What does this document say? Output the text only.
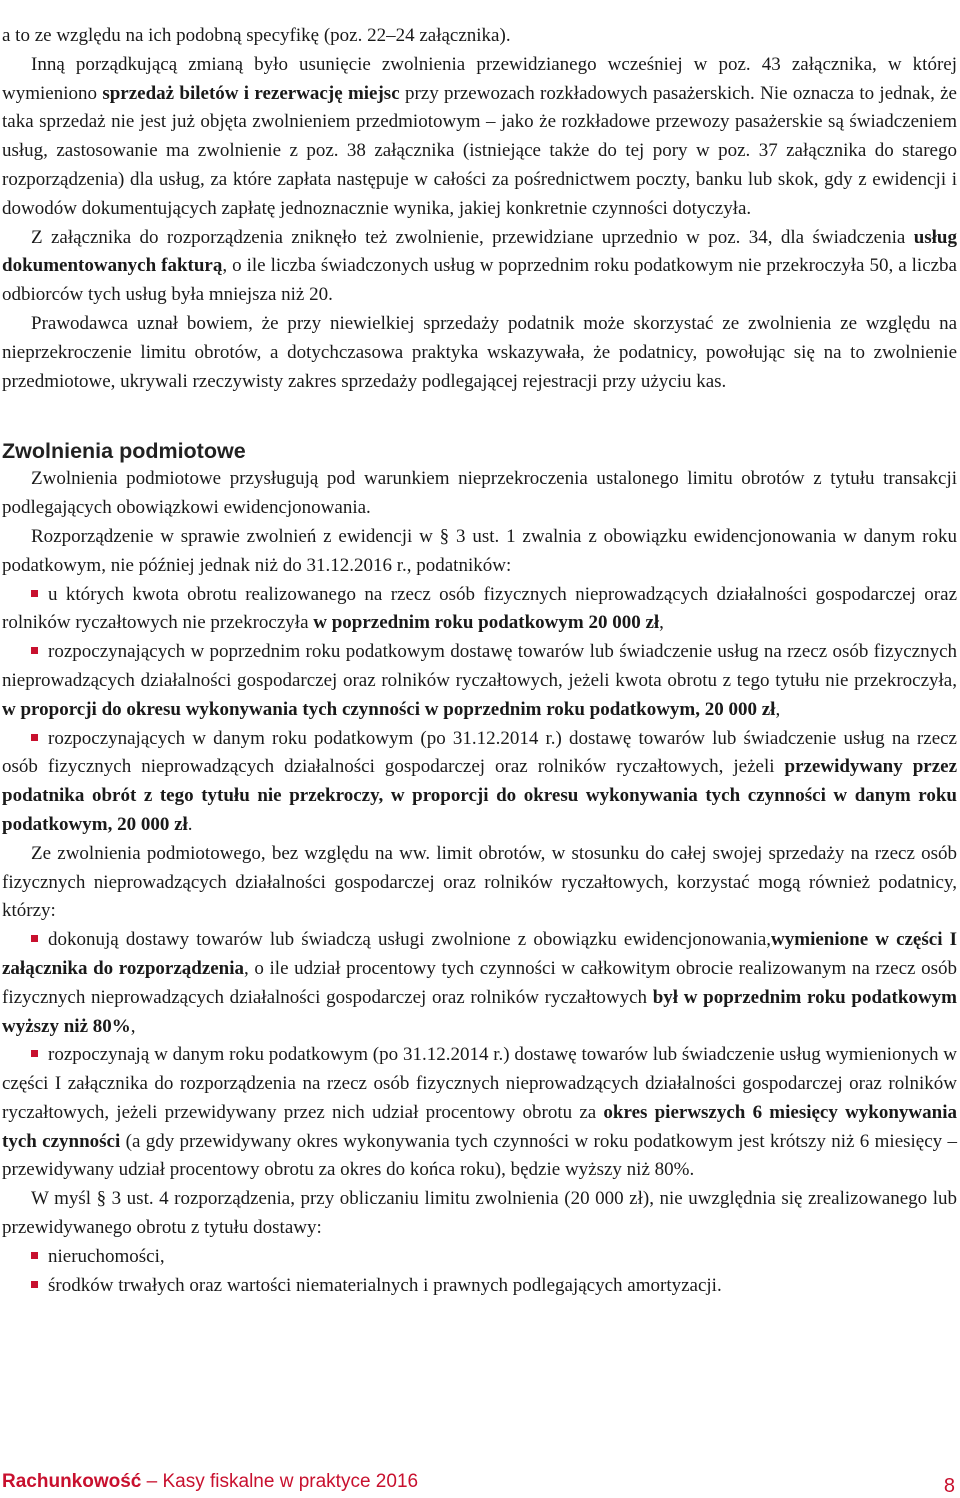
a to ze względu na ich podobną specyfikę (poz. 22–24 załącznika).

Inną porządkującą zmianą było usunięcie zwolnienia przewidzianego wcześniej w poz. 43 załącznika, w której wymieniono sprzedaż biletów i rezerwację miejsc przy przewozach rozkładowych pasażerskich. Nie oznacza to jednak, że taka sprzedaż nie jest już objęta zwolnieniem przedmiotowym – jako że rozkładowe przewozy pasażerskie są świadczeniem usług, zastosowanie ma zwolnienie z poz. 38 załącznika (istniejące także do tej pory w poz. 37 załącznika do starego rozporządzenia) dla usług, za które zapłata następuje w całości za pośrednictwem poczty, banku lub skok, gdy z ewidencji i dowodów dokumentujących zapłatę jednoznacznie wynika, jakiej konkretnie czynności dotyczyła.

Z załącznika do rozporządzenia zniknęło też zwolnienie, przewidziane uprzednio w poz. 34, dla świadczenia usług dokumentowanych fakturą, o ile liczba świadczonych usług w poprzednim roku podatkowym nie przekroczyła 50, a liczba odbiorców tych usług była mniejsza niż 20.

Prawodawca uznał bowiem, że przy niewielkiej sprzedaży podatnik może skorzystać ze zwolnienia ze względu na nieprzekroczenie limitu obrotów, a dotychczasowa praktyka wskazywała, że podatnicy, powołując się na to zwolnienie przedmiotowe, ukrywali rzeczywisty zakres sprzedaży podlegającej rejestracji przy użyciu kas.

Zwolnienia podmiotowe

Zwolnienia podmiotowe przysługują pod warunkiem nieprzekroczenia ustalonego limitu obrotów z tytułu transakcji podlegających obowiązkowi ewidencjonowania.

Rozporządzenie w sprawie zwolnień z ewidencji w § 3 ust. 1 zwalnia z obowiązku ewidencjonowania w danym roku podatkowym, nie później jednak niż do 31.12.2016 r., podatników:

u których kwota obrotu realizowanego na rzecz osób fizycznych nieprowadzących działalności gospodarczej oraz rolników ryczałtowych nie przekroczyła w poprzednim roku podatkowym 20 000 zł,

rozpoczynających w poprzednim roku podatkowym dostawę towarów lub świadczenie usług na rzecz osób fizycznych nieprowadzących działalności gospodarczej oraz rolników ryczałtowych, jeżeli kwota obrotu z tego tytułu nie przekroczyła, w proporcji do okresu wykonywania tych czynności w poprzednim roku podatkowym, 20 000 zł,

rozpoczynających w danym roku podatkowym (po 31.12.2014 r.) dostawę towarów lub świadczenie usług na rzecz osób fizycznych nieprowadzących działalności gospodarczej oraz rolników ryczałtowych, jeżeli przewidywany przez podatnika obrót z tego tytułu nie przekroczy, w proporcji do okresu wykonywania tych czynności w danym roku podatkowym, 20 000 zł.

Ze zwolnienia podmiotowego, bez względu na ww. limit obrotów, w stosunku do całej swojej sprzedaży na rzecz osób fizycznych nieprowadzących działalności gospodarczej oraz rolników ryczałtowych, korzystać mogą również podatnicy, którzy:

dokonują dostawy towarów lub świadczą usługi zwolnione z obowiązku ewidencjonowania,wymienione w części I załącznika do rozporządzenia, o ile udział procentowy tych czynności w całkowitym obrocie realizowanym na rzecz osób fizycznych nieprowadzących działalności gospodarczej oraz rolników ryczałtowych był w poprzednim roku podatkowym wyższy niż 80%,

rozpoczynają w danym roku podatkowym (po 31.12.2014 r.) dostawę towarów lub świadczenie usług wymienionych w części I załącznika do rozporządzenia na rzecz osób fizycznych nieprowadzących działalności gospodarczej oraz rolników ryczałtowych, jeżeli przewidywany przez nich udział procentowy obrotu za okres pierwszych 6 miesięcy wykonywania tych czynności (a gdy przewidywany okres wykonywania tych czynności w roku podatkowym jest krótszy niż 6 miesięcy – przewidywany udział procentowy obrotu za okres do końca roku), będzie wyższy niż 80%.

W myśl § 3 ust. 4 rozporządzenia, przy obliczaniu limitu zwolnienia (20 000 zł), nie uwzględnia się zrealizowanego lub przewidywanego obrotu z tytułu dostawy:

nieruchomości,

środków trwałych oraz wartości niematerialnych i prawnych podlegających amortyzacji.

Rachunkowość – Kasy fiskalne w praktyce 2016	8
